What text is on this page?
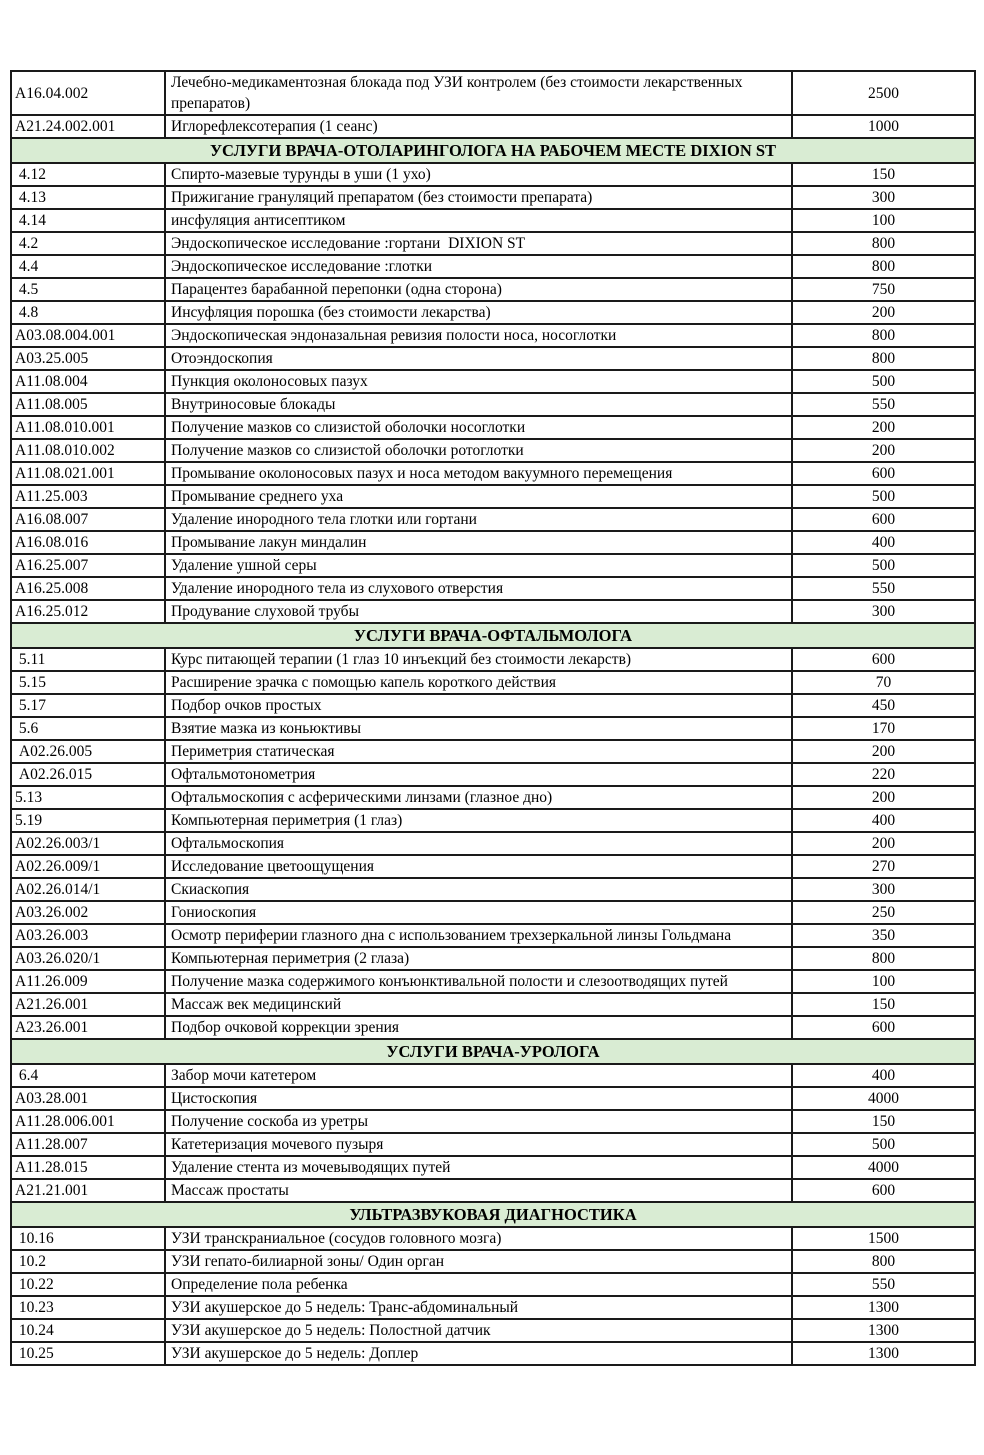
А16.04.002	Лечебно-медикаментозная блокада под УЗИ контролем (без стоимости лекарственных препаратов)	2500
А21.24.002.001	Иглорефлексотерапия (1 сеанс)	1000
УСЛУГИ ВРАЧА-ОТОЛАРИНГОЛОГА НА РАБОЧЕМ МЕСТЕ DIXION ST		
4.12	Спирто-мазевые турунды в уши (1 ухо)	150
4.13	Прижигание грануляций препаратом (без стоимости препарата)	300
4.14	инсфуляция антисептиком	100
4.2	Эндоскопическое исследование :гортани  DIXION ST	800
4.4	Эндоскопическое исследование :глотки	800
4.5	Парацентез барабанной перепонки (одна сторона)	750
4.8	Инсуфляция порошка (без стоимости лекарства)	200
А03.08.004.001	Эндоскопическая эндоназальная ревизия полости носа, носоглотки	800
А03.25.005	Отоэндоскопия	800
А11.08.004	Пункция околоносовых пазух	500
А11.08.005	Внутриносовые блокады	550
А11.08.010.001	Получение мазков со слизистой оболочки носоглотки	200
А11.08.010.002	Получение мазков со слизистой оболочки ротоглотки	200
А11.08.021.001	Промывание околоносовых пазух и носа методом вакуумного перемещения	600
А11.25.003	Промывание среднего уха	500
А16.08.007	Удаление инородного тела глотки или гортани	600
А16.08.016	Промывание лакун миндалин	400
А16.25.007	Удаление ушной серы	500
А16.25.008	Удаление инородного тела из слухового отверстия	550
А16.25.012	Продувание слуховой трубы	300
УСЛУГИ ВРАЧА-ОФТАЛЬМОЛОГА		
5.11	Курс питающей терапии (1 глаз 10 инъекций без стоимости лекарств)	600
5.15	Расширение зрачка с помощью капель короткого действия	70
5.17	Подбор очков простых	450
5.6	Взятие мазка из коньюктивы	170
А02.26.005	Периметрия статическая	200
А02.26.015	Офтальмотонометрия	220
5.13	Офтальмоскопия с асферическими линзами (глазное дно)	200
5.19	Компьютерная периметрия (1 глаз)	400
А02.26.003/1	Офтальмоскопия	200
А02.26.009/1	Исследование цветоощущения	270
А02.26.014/1	Скиаскопия	300
А03.26.002	Гониоскопия	250
А03.26.003	Осмотр периферии глазного дна с использованием трехзеркальной линзы Гольдмана	350
А03.26.020/1	Компьютерная периметрия (2 глаза)	800
А11.26.009	Получение мазка содержимого конъюнктивальной полости и слезоотводящих путей	100
А21.26.001	Массаж век медицинский	150
А23.26.001	Подбор очковой коррекции зрения	600
УСЛУГИ ВРАЧА-УРОЛОГА		
6.4	Забор мочи катетером	400
А03.28.001	Цистоскопия	4000
А11.28.006.001	Получение соскоба из уретры	150
А11.28.007	Катетеризация мочевого пузыря	500
А11.28.015	Удаление стента из мочевыводящих путей	4000
А21.21.001	Массаж простаты	600
УЛЬТРАЗВУКОВАЯ ДИАГНОСТИКА		
10.16	УЗИ транскраниальное (сосудов головного мозга)	1500
10.2	УЗИ гепато-билиарной зоны/ Один орган	800
10.22	Определение пола ребенка	550
10.23	УЗИ акушерское до 5 недель: Транс-абдоминальный	1300
10.24	УЗИ акушерское до 5 недель: Полостной датчик	1300
10.25	УЗИ акушерское до 5 недель: Доплер	1300
